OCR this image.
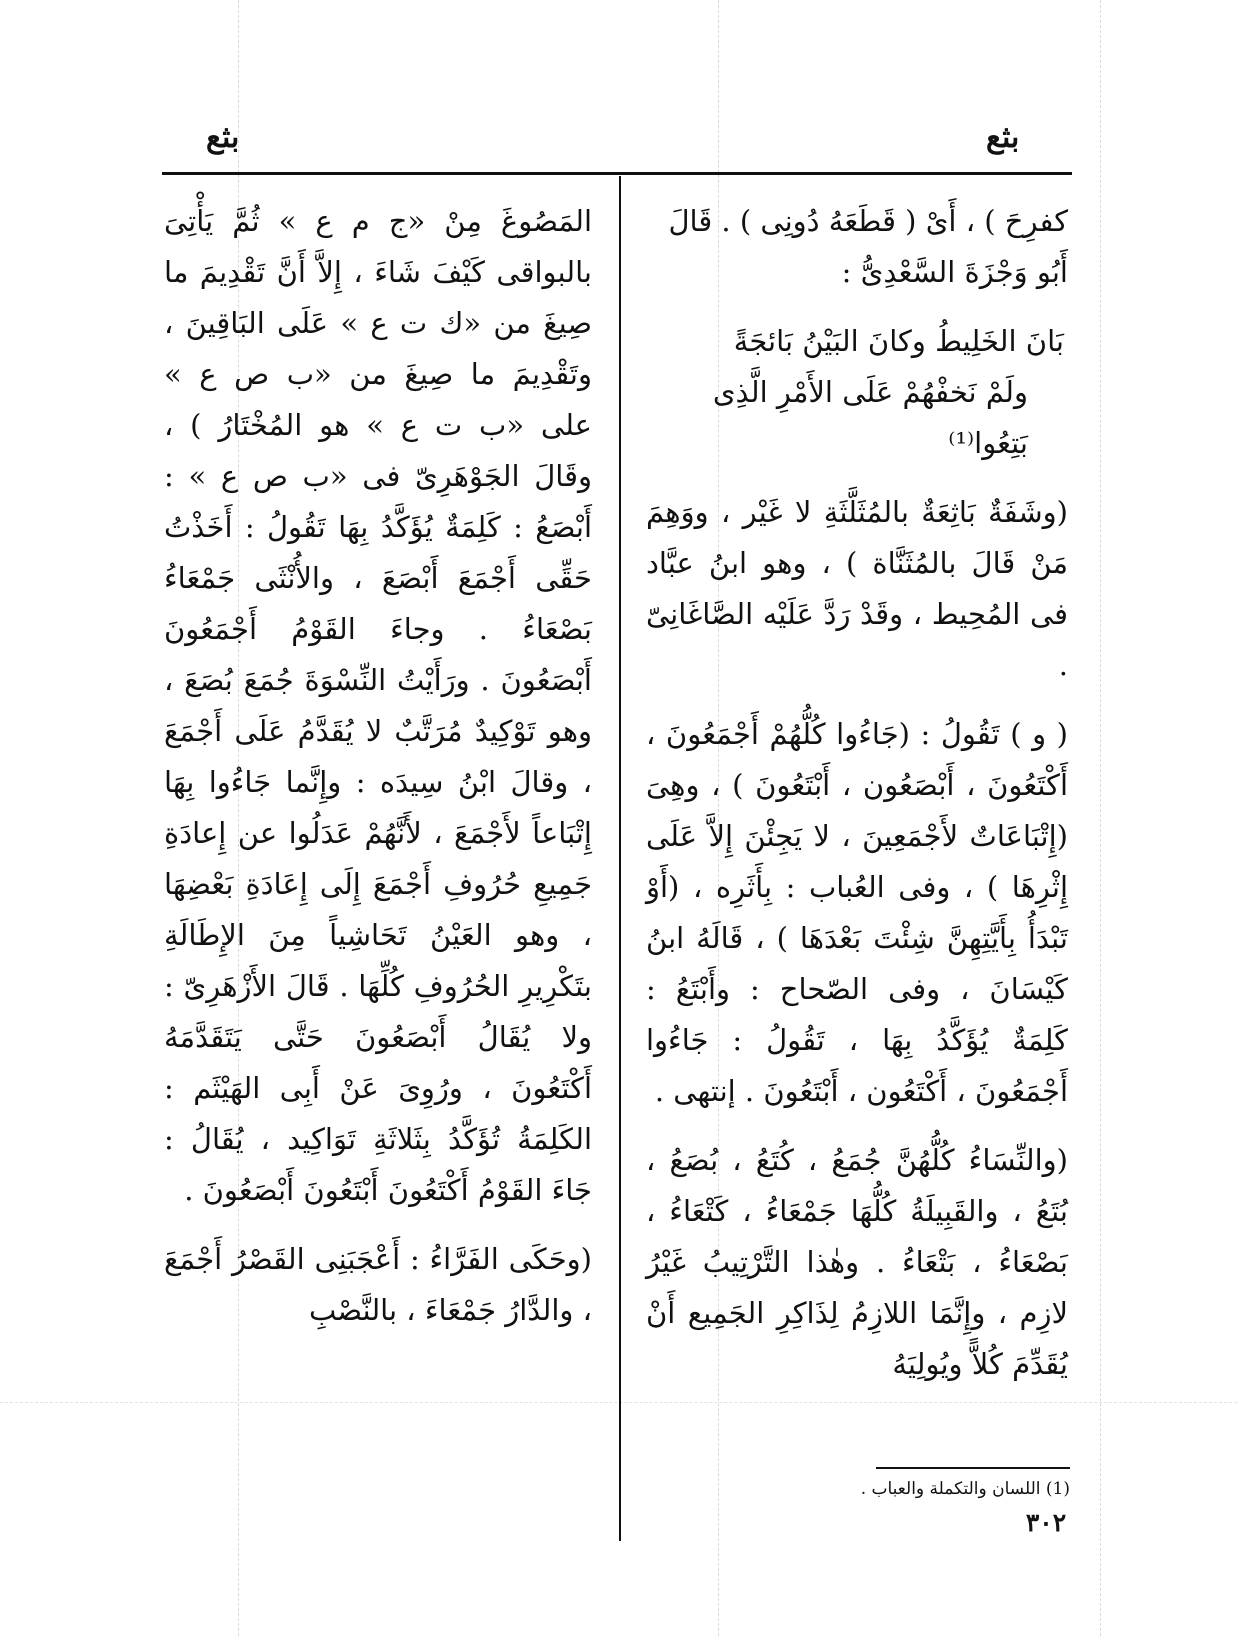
بثع
بثع

كفرِحَ ) ، أَىْ ( قَطَعَهُ دُونِى ) . قَالَ

أَبُو وَجْزَةَ السَّعْدِىُّ :

بَانَ الخَلِيطُ وكانَ البَيْنُ بَائجَةً
ولَمْ نَخفْهُمْ عَلَى الأَمْرِ الَّذِى بَتِعُوا⁽¹⁾

(وشَفَةٌ بَاثِعَةٌ بالمُثَلَّثَةِ لا غَيْر ، ووَهِمَ مَنْ قَالَ بالمُثَنَّاة ) ، وهو ابنُ عبَّاد فى المُحِيط ، وقَدْ رَدَّ عَلَيْه الصَّاغَانِىّ .

( و ) تَقُولُ : (جَاءُوا كُلُّهُمْ أَجْمَعُونَ ، أَكْتَعُونَ ، أَبْصَعُون ، أَبْتَعُونَ ) ، وهِىَ (إِتْبَاعَاتٌ لأَجْمَعِينَ ، لا يَجِئْنَ إِلاَّ عَلَى إِثْرِهَا ) ، وفى العُباب : بِأَثَرِه ، (أَوْ تَبْدَأُ بِأَيَّتِهِنَّ شِئْتَ بَعْدَهَا ) ، قَالَهُ ابنُ كَيْسَانَ ، وفى الصّحاح : وأَبْتَعُ : كَلِمَةٌ يُؤَكَّدُ بِهَا ، تَقُولُ : جَاءُوا أَجْمَعُونَ ، أَكْتَعُون ، أَبْتَعُونَ . إنتهى .

(والنِّسَاءُ كُلُّهُنَّ جُمَعُ ، كُتَعُ ، بُصَعُ ، بُتَعُ ، والقَبِيلَةُ كُلُّهَا جَمْعَاءُ ، كَتْعَاءُ ، بَصْعَاءُ ، بَتْعَاءُ . وهٰذا التَّرْتِيبُ غَيْرُ لازِم ، وإِنَّمَا اللازِمُ لِذَاكِرِ الجَمِيع أَنْ يُقَدِّمَ كُلاًّ ويُولِيَهُ

المَصُوغَ مِنْ «ج م ع » ثُمَّ يَأْتِىَ بالبواقى كَيْفَ شَاءَ ، إِلاَّ أَنَّ تَقْدِيمَ ما صِيغَ من «ك ت ع » عَلَى البَاقِينَ ، وتَقْدِيمَ ما صِيغَ من «ب ص ع » على «ب ت ع » هو المُخْتَارُ ) ، وقَالَ الجَوْهَرِىّ فى «ب ص ع » : أَبْصَعُ : كَلِمَةٌ يُؤَكَّدُ بِهَا تَقُولُ : أَخَذْتُ حَقِّى أَجْمَعَ أَبْصَعَ ، والأُنْثَى جَمْعَاءُ بَصْعَاءُ . وجاءَ القَوْمُ أَجْمَعُونَ أَبْصَعُونَ . ورَأَيْتُ النِّسْوَةَ جُمَعَ بُصَعَ ، وهو تَوْكِيدٌ مُرَتَّبٌ لا يُقَدَّمُ عَلَى أَجْمَعَ ، وقالَ ابْنُ سِيدَه : وإِنَّما جَاءُوا بِهَا إِتْبَاعاً لأَجْمَعَ ، لأَنَّهُمْ عَدَلُوا عن إِعادَةِ جَمِيعِ حُرُوفِ أَجْمَعَ إِلَى إِعَادَةِ بَعْضِهَا ، وهو العَيْنُ تَحَاشِياً مِنَ الإِطَالَةِ بتَكْرِيرِ الحُرُوفِ كُلِّهَا . قَالَ الأَزْهَرِىّ : ولا يُقَالُ أَبْصَعُونَ حَتَّى يَتَقَدَّمَهُ أَكْتَعُونَ ، ورُوِىَ عَنْ أَبِى الهَيْثَم : الكَلِمَةُ تُؤَكَّدُ بِثَلاثَةِ تَوَاكِيد ، يُقَالُ : جَاءَ القَوْمُ أَكْتَعُونَ أَبْتَعُونَ أَبْصَعُونَ .

(وحَكَى الفَرَّاءُ : أَعْجَبَنِى القَصْرُ أَجْمَعَ ، والدَّارُ جَمْعَاءَ ، بالنَّصْبِ

(1) اللسان والتكملة والعباب .
٣٠٢
